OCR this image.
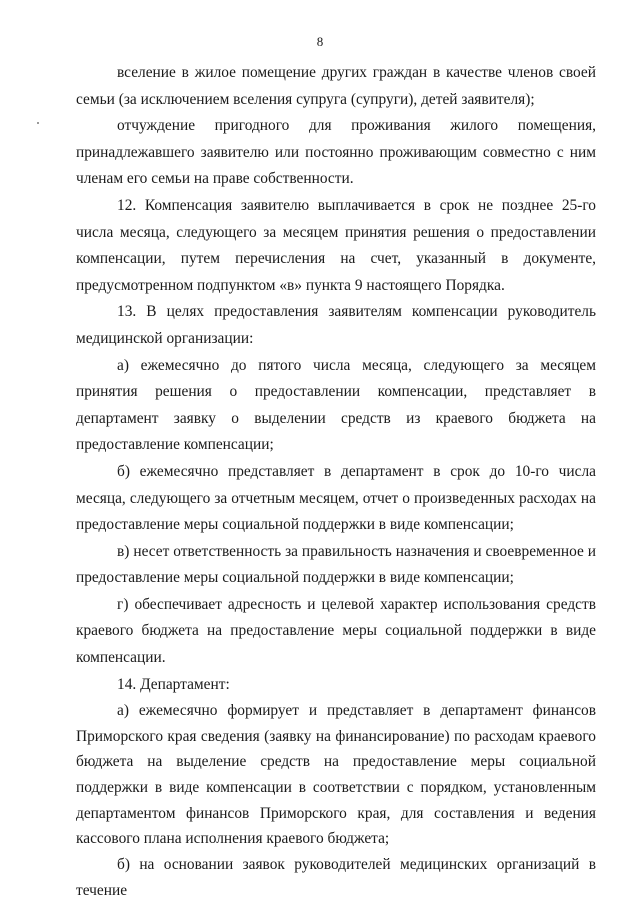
8

вселение в жилое помещение других граждан в качестве членов своей семьи (за исключением вселения супруга (супруги), детей заявителя);

отчуждение пригодного для проживания жилого помещения, принадлежавшего заявителю или постоянно проживающим совместно с ним членам его семьи на праве собственности.

12. Компенсация заявителю выплачивается в срок не позднее 25-го числа месяца, следующего за месяцем принятия решения о предоставлении компенсации, путем перечисления на счет, указанный в документе, предусмотренном подпунктом «в» пункта 9 настоящего Порядка.

13. В целях предоставления заявителям компенсации руководитель медицинской организации:

а) ежемесячно до пятого числа месяца, следующего за месяцем принятия решения о предоставлении компенсации, представляет в департамент заявку о выделении средств из краевого бюджета на предоставление компенсации;

б) ежемесячно представляет в департамент в срок до 10-го числа месяца, следующего за отчетным месяцем, отчет о произведенных расходах на предоставление меры социальной поддержки в виде компенсации;

в) несет ответственность за правильность назначения и своевременное и предоставление меры социальной поддержки в виде компенсации;

г) обеспечивает адресность и целевой характер использования средств краевого бюджета на предоставление меры социальной поддержки в виде компенсации.

14. Департамент:

а) ежемесячно формирует и представляет в департамент финансов Приморского края сведения (заявку на финансирование) по расходам краевого бюджета на выделение средств на предоставление меры социальной поддержки в виде компенсации в соответствии с порядком, установленным департаментом финансов Приморского края, для составления и ведения кассового плана исполнения краевого бюджета;

б) на основании заявок руководителей медицинских организаций в течение
